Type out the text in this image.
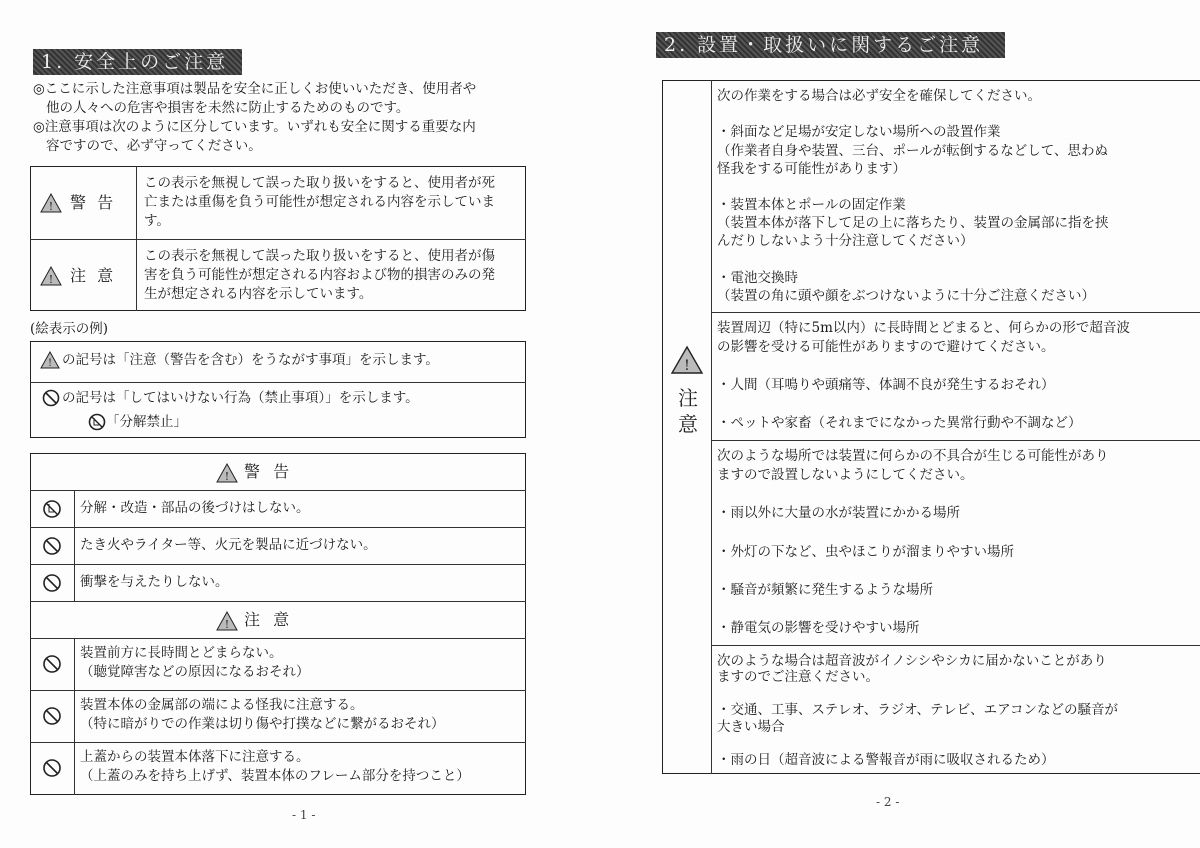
1. 安全上のご注意
◎ここに示した注意事項は製品を安全に正しくお使いいただき、使用者や
他の人々への危害や損害を未然に防止するためのものです。
◎注意事項は次のように区分しています。いずれも安全に関する重要な内
容ですので、必ず守ってください。
! 警 告
この表示を無視して誤った取り扱いをすると、使用者が死
亡または重傷を負う可能性が想定される内容を示していま
す。
! 注 意
この表示を無視して誤った取り扱いをすると、使用者が傷
害を負う可能性が想定される内容および物的損害のみの発
生が想定される内容を示しています。
(絵表示の例)
! の記号は「注意（警告を含む）をうながす事項」を示します。
の記号は「してはいけない行為（禁止事項）」を示します。
「分解禁止」
! 警 告
分解・改造・部品の後づけはしない。
たき火やライター等、火元を製品に近づけない。
衝撃を与えたりしない。
! 注 意
装置前方に長時間とどまらない。
（聴覚障害などの原因になるおそれ）
装置本体の金属部の端による怪我に注意する。
（特に暗がりでの作業は切り傷や打撲などに繋がるおそれ）
上蓋からの装置本体落下に注意する。
（上蓋のみを持ち上げず、装置本体のフレーム部分を持つこと）
- 1 -
2. 設置・取扱いに関するご注意
!
注意
次の作業をする場合は必ず安全を確保してください。
・斜面など足場が安定しない場所への設置作業
（作業者自身や装置、三台、ポールが転倒するなどして、思わぬ
怪我をする可能性があります）
・装置本体とポールの固定作業
（装置本体が落下して足の上に落ちたり、装置の金属部に指を挟
んだりしないよう十分注意してください）
・電池交換時
（装置の角に頭や顔をぶつけないように十分ご注意ください）
装置周辺（特に5m以内）に長時間とどまると、何らかの形で超音波
の影響を受ける可能性がありますので避けてください。
・人間（耳鳴りや頭痛等、体調不良が発生するおそれ）
・ペットや家畜（それまでになかった異常行動や不調など）
次のような場所では装置に何らかの不具合が生じる可能性があり
ますので設置しないようにしてください。
・雨以外に大量の水が装置にかかる場所
・外灯の下など、虫やほこりが溜まりやすい場所
・騒音が頻繁に発生するような場所
・静電気の影響を受けやすい場所
次のような場合は超音波がイノシシやシカに届かないことがあり
ますのでご注意ください。
・交通、工事、ステレオ、ラジオ、テレビ、エアコンなどの騒音が
大きい場合
・雨の日（超音波による警報音が雨に吸収されるため）
- 2 -
